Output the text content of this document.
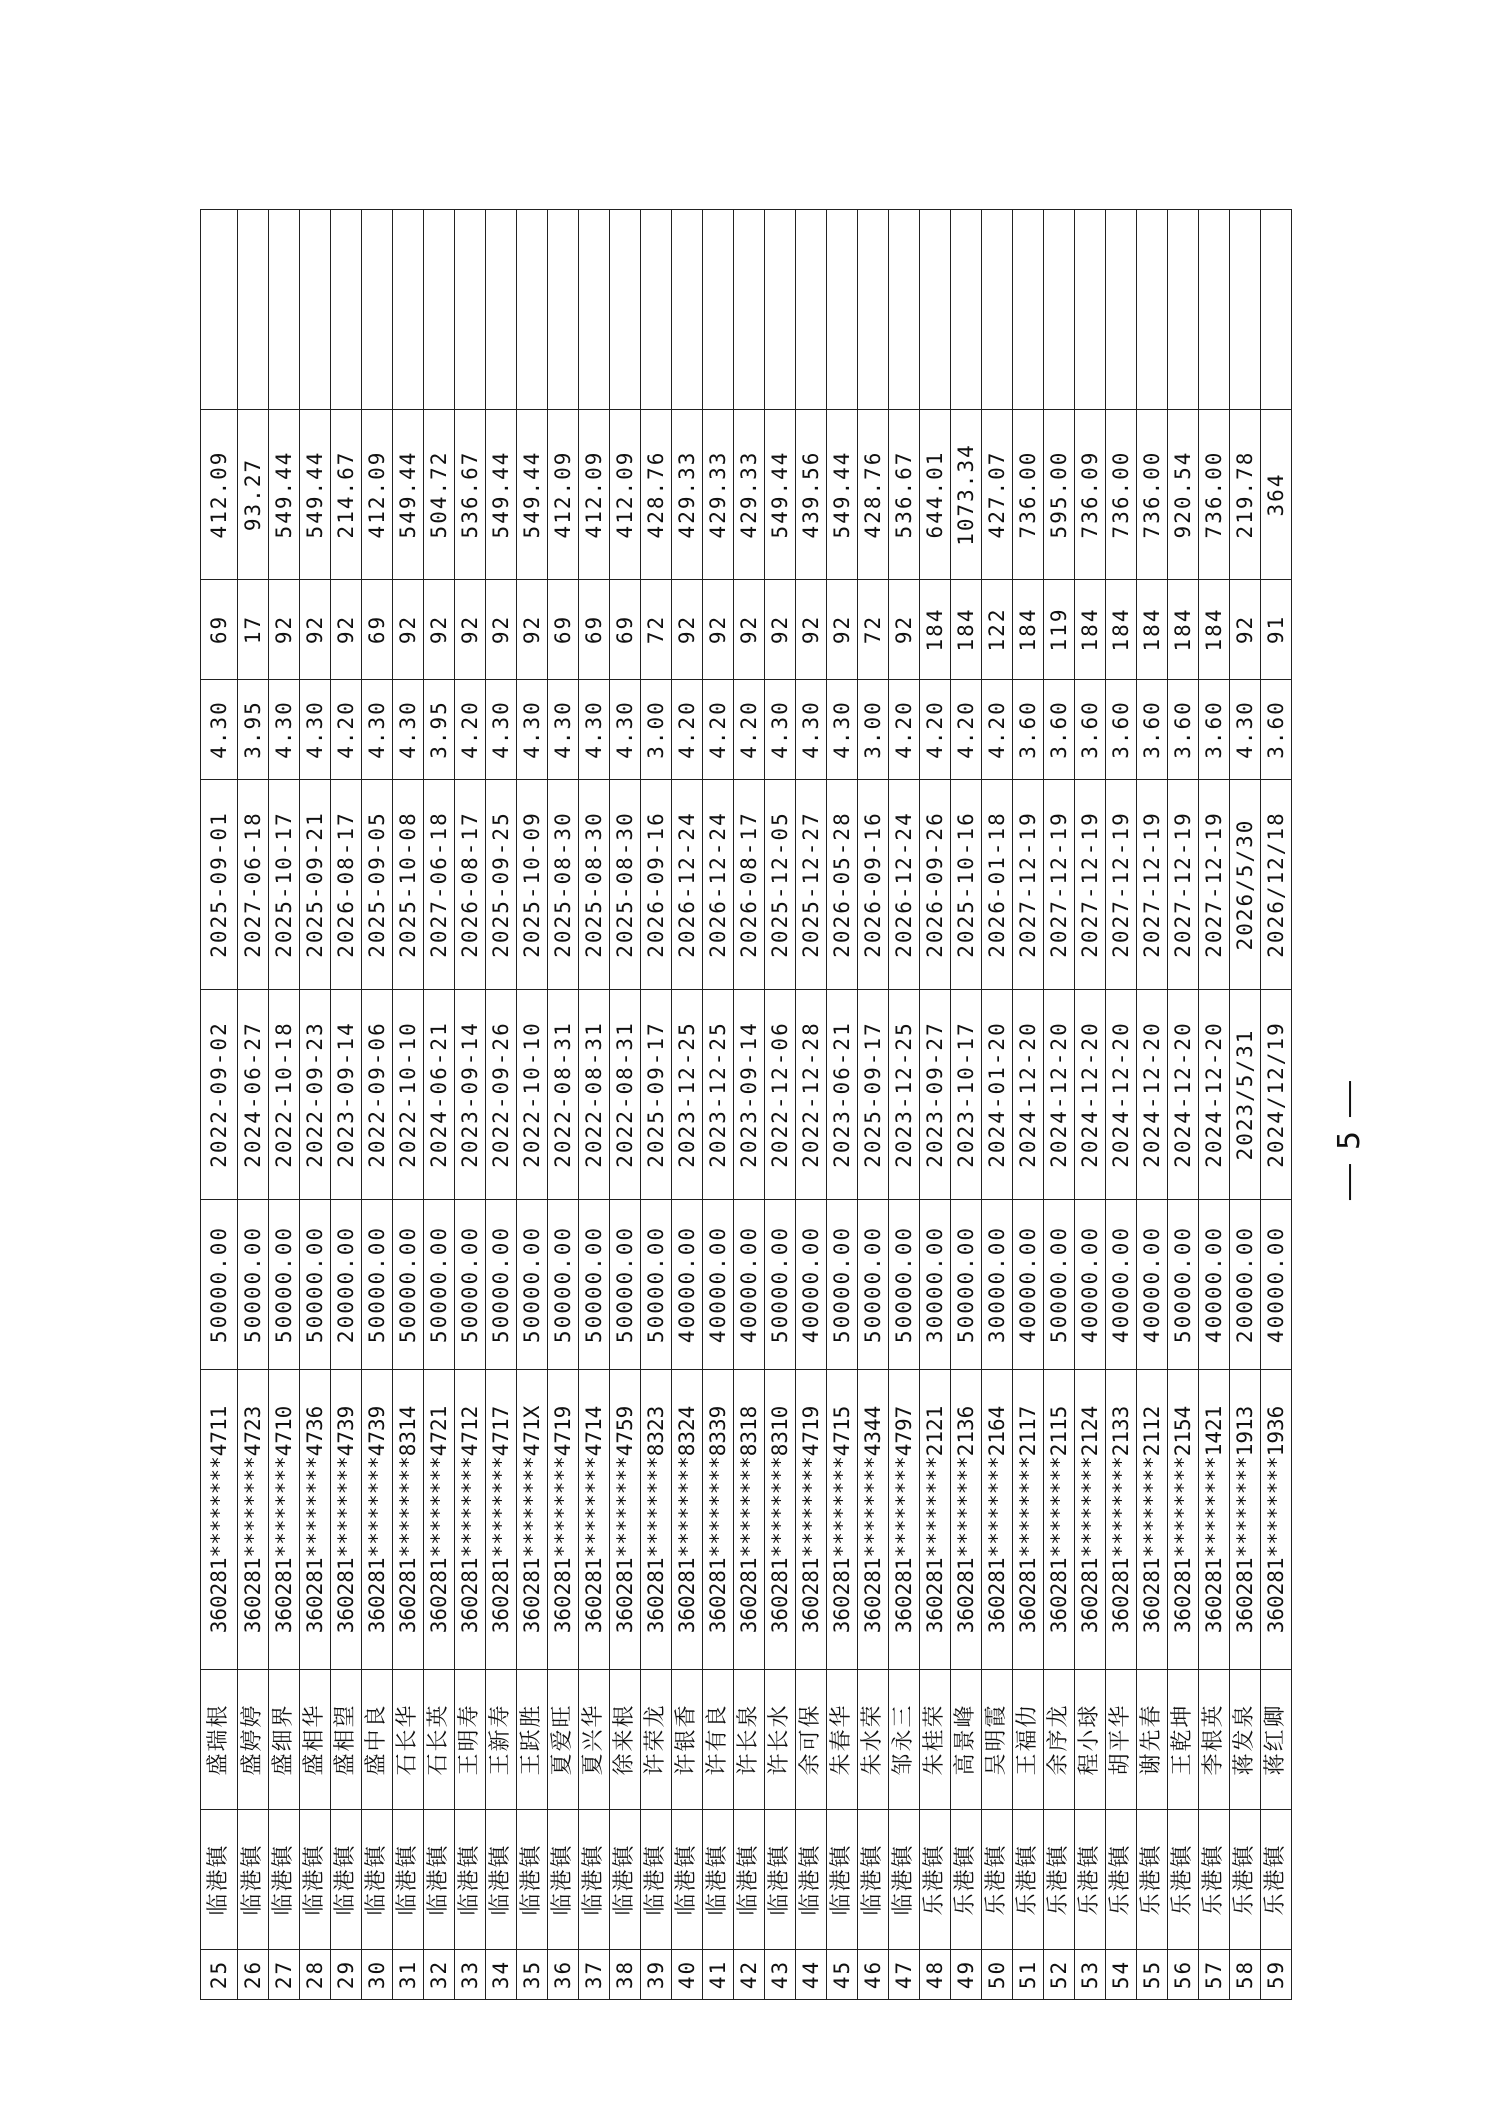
25	临港镇	盛瑞根	360281********4711	50000.00	2022-09-02	2025-09-01	4.30	69	412.09	
26	临港镇	盛婷婷	360281********4723	50000.00	2024-06-27	2027-06-18	3.95	17	93.27	
27	临港镇	盛细界	360281********4710	50000.00	2022-10-18	2025-10-17	4.30	92	549.44	
28	临港镇	盛相华	360281********4736	50000.00	2022-09-23	2025-09-21	4.30	92	549.44	
29	临港镇	盛相望	360281********4739	20000.00	2023-09-14	2026-08-17	4.20	92	214.67	
30	临港镇	盛中良	360281********4739	50000.00	2022-09-06	2025-09-05	4.30	69	412.09	
31	临港镇	石长华	360281********8314	50000.00	2022-10-10	2025-10-08	4.30	92	549.44	
32	临港镇	石长英	360281********4721	50000.00	2024-06-21	2027-06-18	3.95	92	504.72	
33	临港镇	王明寿	360281********4712	50000.00	2023-09-14	2026-08-17	4.20	92	536.67	
34	临港镇	王新寿	360281********4717	50000.00	2022-09-26	2025-09-25	4.30	92	549.44	
35	临港镇	王跃胜	360281********471X	50000.00	2022-10-10	2025-10-09	4.30	92	549.44	
36	临港镇	夏爱旺	360281********4719	50000.00	2022-08-31	2025-08-30	4.30	69	412.09	
37	临港镇	夏兴华	360281********4714	50000.00	2022-08-31	2025-08-30	4.30	69	412.09	
38	临港镇	徐来根	360281********4759	50000.00	2022-08-31	2025-08-30	4.30	69	412.09	
39	临港镇	许荣龙	360281********8323	50000.00	2025-09-17	2026-09-16	3.00	72	428.76	
40	临港镇	许银香	360281********8324	40000.00	2023-12-25	2026-12-24	4.20	92	429.33	
41	临港镇	许有良	360281********8339	40000.00	2023-12-25	2026-12-24	4.20	92	429.33	
42	临港镇	许长泉	360281********8318	40000.00	2023-09-14	2026-08-17	4.20	92	429.33	
43	临港镇	许长水	360281********8310	50000.00	2022-12-06	2025-12-05	4.30	92	549.44	
44	临港镇	余可保	360281********4719	40000.00	2022-12-28	2025-12-27	4.30	92	439.56	
45	临港镇	朱春华	360281********4715	50000.00	2023-06-21	2026-05-28	4.30	92	549.44	
46	临港镇	朱水荣	360281********4344	50000.00	2025-09-17	2026-09-16	3.00	72	428.76	
47	临港镇	邹永三	360281********4797	50000.00	2023-12-25	2026-12-24	4.20	92	536.67	
48	乐港镇	朱桂荣	360281********2121	30000.00	2023-09-27	2026-09-26	4.20	184	644.01	
49	乐港镇	高景峰	360281********2136	50000.00	2023-10-17	2025-10-16	4.20	184	1073.34	
50	乐港镇	吴明霞	360281********2164	30000.00	2024-01-20	2026-01-18	4.20	122	427.07	
51	乐港镇	王福仂	360281********2117	40000.00	2024-12-20	2027-12-19	3.60	184	736.00	
52	乐港镇	余序龙	360281********2115	50000.00	2024-12-20	2027-12-19	3.60	119	595.00	
53	乐港镇	程小球	360281********2124	40000.00	2024-12-20	2027-12-19	3.60	184	736.09	
54	乐港镇	胡平华	360281********2133	40000.00	2024-12-20	2027-12-19	3.60	184	736.00	
55	乐港镇	谢先春	360281********2112	40000.00	2024-12-20	2027-12-19	3.60	184	736.00	
56	乐港镇	王乾坤	360281********2154	50000.00	2024-12-20	2027-12-19	3.60	184	920.54	
57	乐港镇	李根英	360281********1421	40000.00	2024-12-20	2027-12-19	3.60	184	736.00	
58	乐港镇	蒋发泉	360281********1913	20000.00	2023/5/31	2026/5/30	4.30	92	219.78	
59	乐港镇	蒋红卿	360281********1936	40000.00	2024/12/19	2026/12/18	3.60	91	364	
5
